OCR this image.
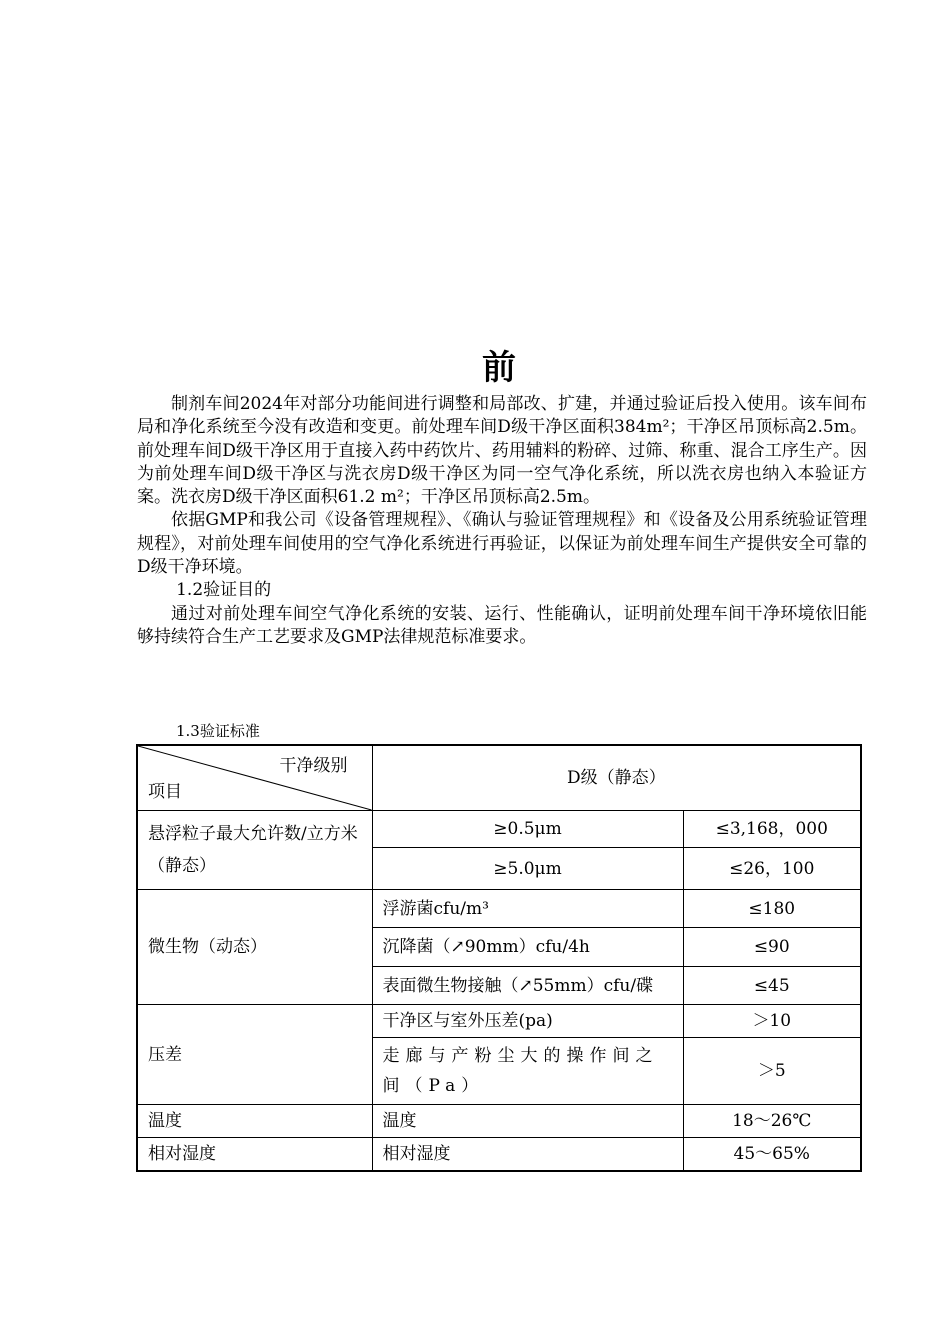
前

制剂车间2024年对部分功能间进行调整和局部改、扩建，并通过验证后投入使用。该车间布局和净化系统至今没有改造和变更。前处理车间D级干净区面积384m²；干净区吊顶标高2.5m。前处理车间D级干净区用于直接入药中药饮片、药用辅料的粉碎、过筛、称重、混合工序生产。因为前处理车间D级干净区与洗衣房D级干净区为同一空气净化系统，所以洗衣房也纳入本验证方案。洗衣房D级干净区面积61.2 m²；干净区吊顶标高2.5m。

依据GMP和我公司《设备管理规程》、《确认与验证管理规程》和《设备及公用系统验证管理规程》，对前处理车间使用的空气净化系统进行再验证，以保证为前处理车间生产提供安全可靠的D级干净环境。

1.2验证目的

通过对前处理车间空气净化系统的安装、运行、性能确认，证明前处理车间干净环境依旧能够持续符合生产工艺要求及GMP法律规范标准要求。

1.3验证标准
干净级别
项目	D级（静态）	
悬浮粒子最大允许数/立方米（静态）	≥0.5μm	≤3,168，000
	≥5.0μm	≤26，100
微生物（动态）	浮游菌cfu/m³	≤180
	沉降菌（↗90mm）cfu/4h	≤90
	表面微生物接触（↗55mm）cfu/碟	≤45
压差	干净区与室外压差(pa)	＞10
	走廊与产粉尘大的操作间之间（Pa）	＞5
温度	温度	18～26℃
相对湿度	相对湿度	45～65%
